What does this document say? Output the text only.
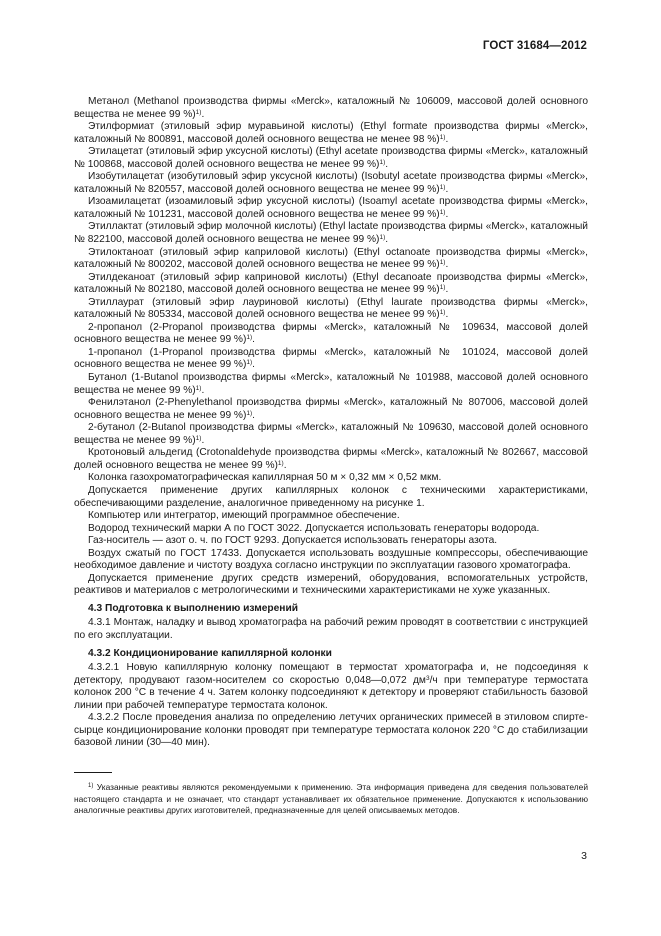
ГОСТ 31684—2012

Метанол (Methanol производства фирмы «Merck», каталожный № 106009, массовой долей основного вещества не менее 99 %)$^{1)}$.

Этилформиат (этиловый эфир муравьиной кислоты) (Ethyl formate производства фирмы «Merck», каталожный № 800891, массовой долей основного вещества не менее 98 %)$^{1)}$.

Этилацетат (этиловый эфир уксусной кислоты) (Ethyl acetate производства фирмы «Merck», каталожный № 100868, массовой долей основного вещества не менее 99 %)$^{1)}$.

Изобутилацетат (изобутиловый эфир уксусной кислоты) (Isobutyl acetate производства фирмы «Merck», каталожный № 820557, массовой долей основного вещества не менее 99 %)$^{1)}$.

Изоамилацетат (изоамиловый эфир уксусной кислоты) (Isoamyl acetate производства фирмы «Merck», каталожный № 101231, массовой долей основного вещества не менее 99 %)$^{1)}$.

Этиллактат (этиловый эфир молочной кислоты) (Ethyl lactate производства фирмы «Merck», каталожный № 822100, массовой долей основного вещества не менее 99 %)$^{1)}$.

Этилоктаноат (этиловый эфир каприловой кислоты) (Ethyl octanoate производства фирмы «Merck», каталожный № 800202, массовой долей основного вещества не менее 99 %)$^{1)}$.

Этилдеканоат (этиловый эфир каприновой кислоты) (Ethyl decanoate производства фирмы «Merck», каталожный № 802180, массовой долей основного вещества не менее 99 %)$^{1)}$.

Этиллаурат (этиловый эфир лауриновой кислоты) (Ethyl laurate производства фирмы «Merck», каталожный № 805334, массовой долей основного вещества не менее 99 %)$^{1)}$.

2-пропанол (2-Propanol производства фирмы «Merck», каталожный № 109634, массовой долей основного вещества не менее 99 %)$^{1)}$.

1-пропанол (1-Propanol производства фирмы «Merck», каталожный № 101024, массовой долей основного вещества не менее 99 %)$^{1)}$.

Бутанол (1-Butanol производства фирмы «Merck», каталожный № 101988, массовой долей основного вещества не менее 99 %)$^{1)}$.

Фенилэтанол (2-Phenylethanol производства фирмы «Merck», каталожный № 807006, массовой долей основного вещества не менее 99 %)$^{1)}$.

2-бутанол (2-Butanol производства фирмы «Merck», каталожный № 109630, массовой долей основного вещества не менее 99 %)$^{1)}$.

Кротоновый альдегид (Crotonaldehyde производства фирмы «Merck», каталожный № 802667, массовой долей основного вещества не менее 99 %)$^{1)}$.

Колонка газохроматографическая капиллярная 50 м × 0,32 мм × 0,52 мкм.

Допускается применение других капиллярных колонок с техническими характеристиками, обеспечивающими разделение, аналогичное приведенному на рисунке 1.

Компьютер или интегратор, имеющий программное обеспечение.

Водород технический марки А по ГОСТ 3022. Допускается использовать генераторы водорода.

Газ-носитель — азот о. ч. по ГОСТ 9293. Допускается использовать генераторы азота.

Воздух сжатый по ГОСТ 17433. Допускается использовать воздушные компрессоры, обеспечивающие необходимое давление и чистоту воздуха согласно инструкции по эксплуатации газового хроматографа.

Допускается применение других средств измерений, оборудования, вспомогательных устройств, реактивов и материалов с метрологическими и техническими характеристиками не хуже указанных.

4.3 Подготовка к выполнению измерений

4.3.1 Монтаж, наладку и вывод хроматографа на рабочий режим проводят в соответствии с инструкцией по его эксплуатации.

4.3.2 Кондиционирование капиллярной колонки

4.3.2.1 Новую капиллярную колонку помещают в термостат хроматографа и, не подсоединяя к детектору, продувают газом-носителем со скоростью 0,048—0,072 $дм^3/ч$ при температуре термостата колонок 200 °С в течение 4 ч. Затем колонку подсоединяют к детектору и проверяют стабильность базовой линии при рабочей температуре термостата колонок.

4.3.2.2 После проведения анализа по определению летучих органических примесей в этиловом спирте-сырце кондиционирование колонки проводят при температуре термостата колонок 220 °С до стабилизации базовой линии (30—40 мин).

$^{1)}$ Указанные реактивы являются рекомендуемыми к применению. Эта информация приведена для сведения пользователей настоящего стандарта и не означает, что стандарт устанавливает их обязательное применение. Допускаются к использованию аналогичные реактивы других изготовителей, предназначенные для целей описываемых методов.

3
